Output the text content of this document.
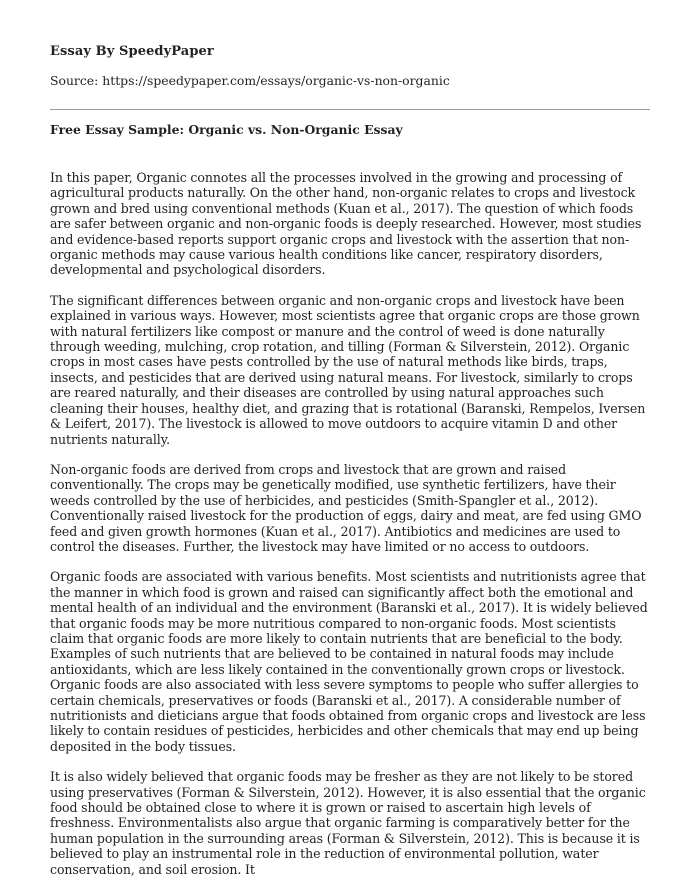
Essay By SpeedyPaper
Source: https://speedypaper.com/essays/organic-vs-non-organic
Free Essay Sample: Organic vs. Non-Organic Essay

In this paper, Organic connotes all the processes involved in the growing and processing of agricultural products naturally. On the other hand, non-organic relates to crops and livestock grown and bred using conventional methods (Kuan et al., 2017). The question of which foods are safer between organic and non-organic foods is deeply researched. However, most studies and evidence-based reports support organic crops and livestock with the assertion that non-organic methods may cause various health conditions like cancer, respiratory disorders, developmental and psychological disorders.

The significant differences between organic and non-organic crops and livestock have been explained in various ways. However, most scientists agree that organic crops are those grown with natural fertilizers like compost or manure and the control of weed is done naturally through weeding, mulching, crop rotation, and tilling (Forman & Silverstein, 2012). Organic crops in most cases have pests controlled by the use of natural methods like birds, traps, insects, and pesticides that are derived using natural means. For livestock, similarly to crops are reared naturally, and their diseases are controlled by using natural approaches such cleaning their houses, healthy diet, and grazing that is rotational (Baranski, Rempelos, Iversen & Leifert, 2017). The livestock is allowed to move outdoors to acquire vitamin D and other nutrients naturally.

Non-organic foods are derived from crops and livestock that are grown and raised conventionally. The crops may be genetically modified, use synthetic fertilizers, have their weeds controlled by the use of herbicides, and pesticides (Smith-Spangler et al., 2012). Conventionally raised livestock for the production of eggs, dairy and meat, are fed using GMO feed and given growth hormones (Kuan et al., 2017). Antibiotics and medicines are used to control the diseases. Further, the livestock may have limited or no access to outdoors.

Organic foods are associated with various benefits. Most scientists and nutritionists agree that the manner in which food is grown and raised can significantly affect both the emotional and mental health of an individual and the environment (Baranski et al., 2017). It is widely believed that organic foods may be more nutritious compared to non-organic foods. Most scientists claim that organic foods are more likely to contain nutrients that are beneficial to the body. Examples of such nutrients that are believed to be contained in natural foods may include antioxidants, which are less likely contained in the conventionally grown crops or livestock. Organic foods are also associated with less severe symptoms to people who suffer allergies to certain chemicals, preservatives or foods (Baranski et al., 2017). A considerable number of nutritionists and dieticians argue that foods obtained from organic crops and livestock are less likely to contain residues of pesticides, herbicides and other chemicals that may end up being deposited in the body tissues.

It is also widely believed that organic foods may be fresher as they are not likely to be stored using preservatives (Forman & Silverstein, 2012). However, it is also essential that the organic food should be obtained close to where it is grown or raised to ascertain high levels of freshness. Environmentalists also argue that organic farming is comparatively better for the human population in the surrounding areas (Forman & Silverstein, 2012). This is because it is believed to play an instrumental role in the reduction of environmental pollution, water conservation, and soil erosion. It
